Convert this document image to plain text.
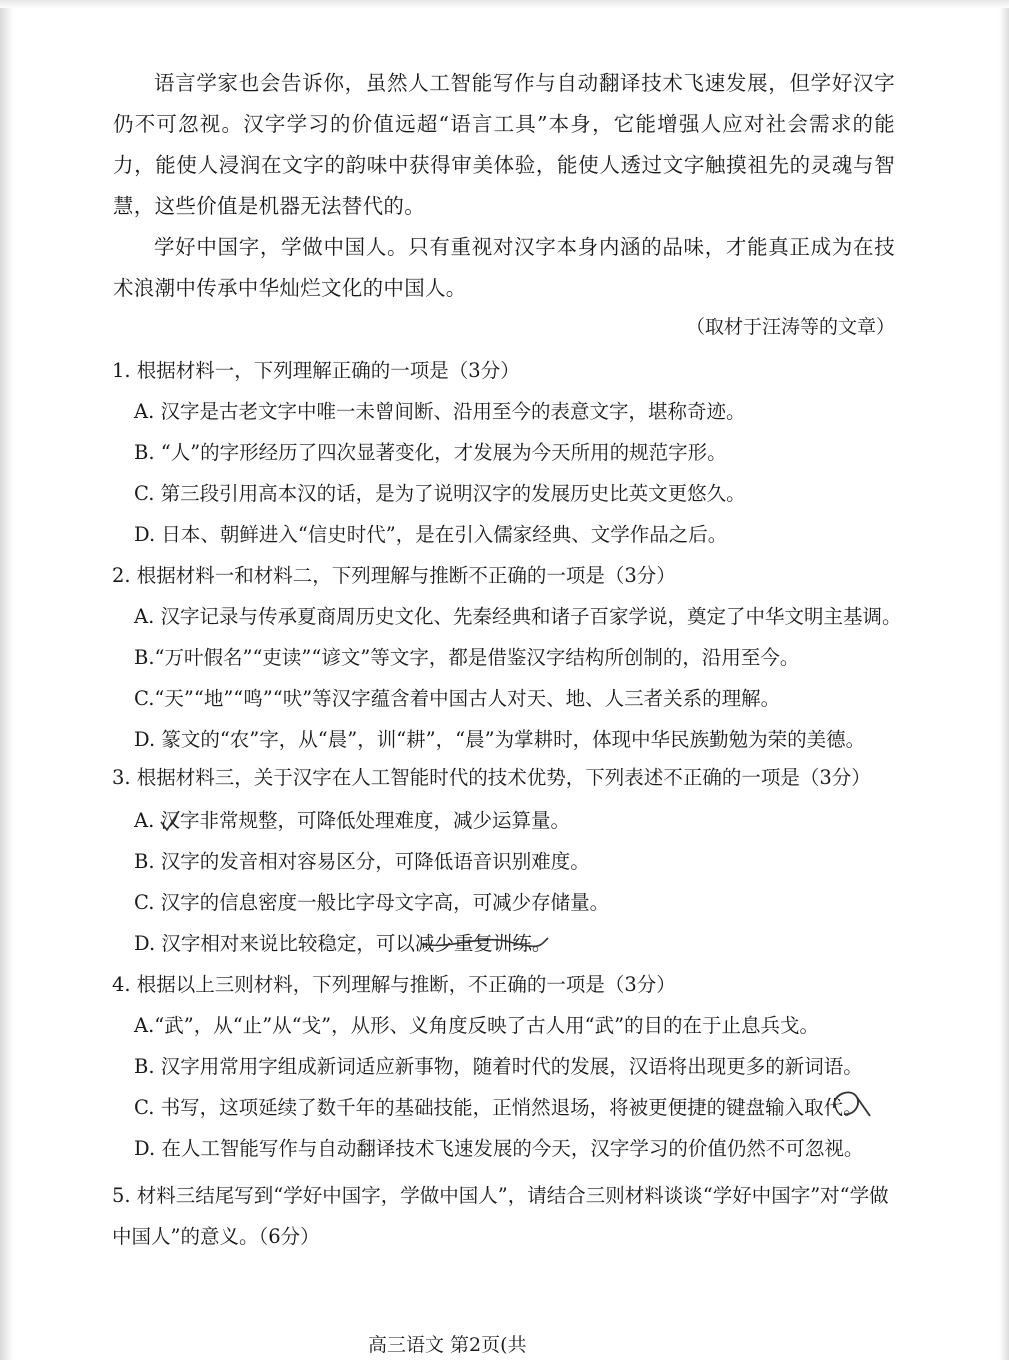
语言学家也会告诉你，虽然人工智能写作与自动翻译技术飞速发展，但学好汉字仍不可忽视。汉字学习的价值远超“语言工具”本身，它能增强人应对社会需求的能力，能使人浸润在文字的韵味中获得审美体验，能使人透过文字触摸祖先的灵魂与智慧，这些价值是机器无法替代的。

学好中国字，学做中国人。只有重视对汉字本身内涵的品味，才能真正成为在技术浪潮中传承中华灿烂文化的中国人。

（取材于汪涛等的文章）
1. 根据材料一，下列理解正确的一项是（3分）
A. 汉字是古老文字中唯一未曾间断、沿用至今的表意文字，堪称奇迹。
B. “人”的字形经历了四次显著变化，才发展为今天所用的规范字形。
C. 第三段引用高本汉的话，是为了说明汉字的发展历史比英文更悠久。
D. 日本、朝鲜进入“信史时代”，是在引入儒家经典、文学作品之后。
2. 根据材料一和材料二，下列理解与推断不正确的一项是（3分）
A. 汉字记录与传承夏商周历史文化、先秦经典和诸子百家学说，奠定了中华文明主基调。
B.“万叶假名”“吏读”“谚文”等文字，都是借鉴汉字结构所创制的，沿用至今。
C.“天”“地”“鸣”“吠”等汉字蕴含着中国古人对天、地、人三者关系的理解。
D. 篆文的“农”字，从“晨”，训“耕”，“晨”为掌耕时，体现中华民族勤勉为荣的美德。
3. 根据材料三，关于汉字在人工智能时代的技术优势，下列表述不正确的一项是（3分）
A. 汉字非常规整，可降低处理难度，减少运算量。
B. 汉字的发音相对容易区分，可降低语音识别难度。
C. 汉字的信息密度一般比字母文字高，可减少存储量。
D. 汉字相对来说比较稳定，可以减少重复训练。
4. 根据以上三则材料，下列理解与推断，不正确的一项是（3分）
A.“武”，从“止”从“戈”，从形、义角度反映了古人用“武”的目的在于止息兵戈。
B. 汉字用常用字组成新词适应新事物，随着时代的发展，汉语将出现更多的新词语。
C. 书写，这项延续了数千年的基础技能，正悄然退场，将被更便捷的键盘输入取代。
D. 在人工智能写作与自动翻译技术飞速发展的今天，汉字学习的价值仍然不可忽视。
5. 材料三结尾写到“学好中国字，学做中国人”，请结合三则材料谈谈“学好中国字”对“学做中国人”的意义。（6分）
高三语文 第2页(共
